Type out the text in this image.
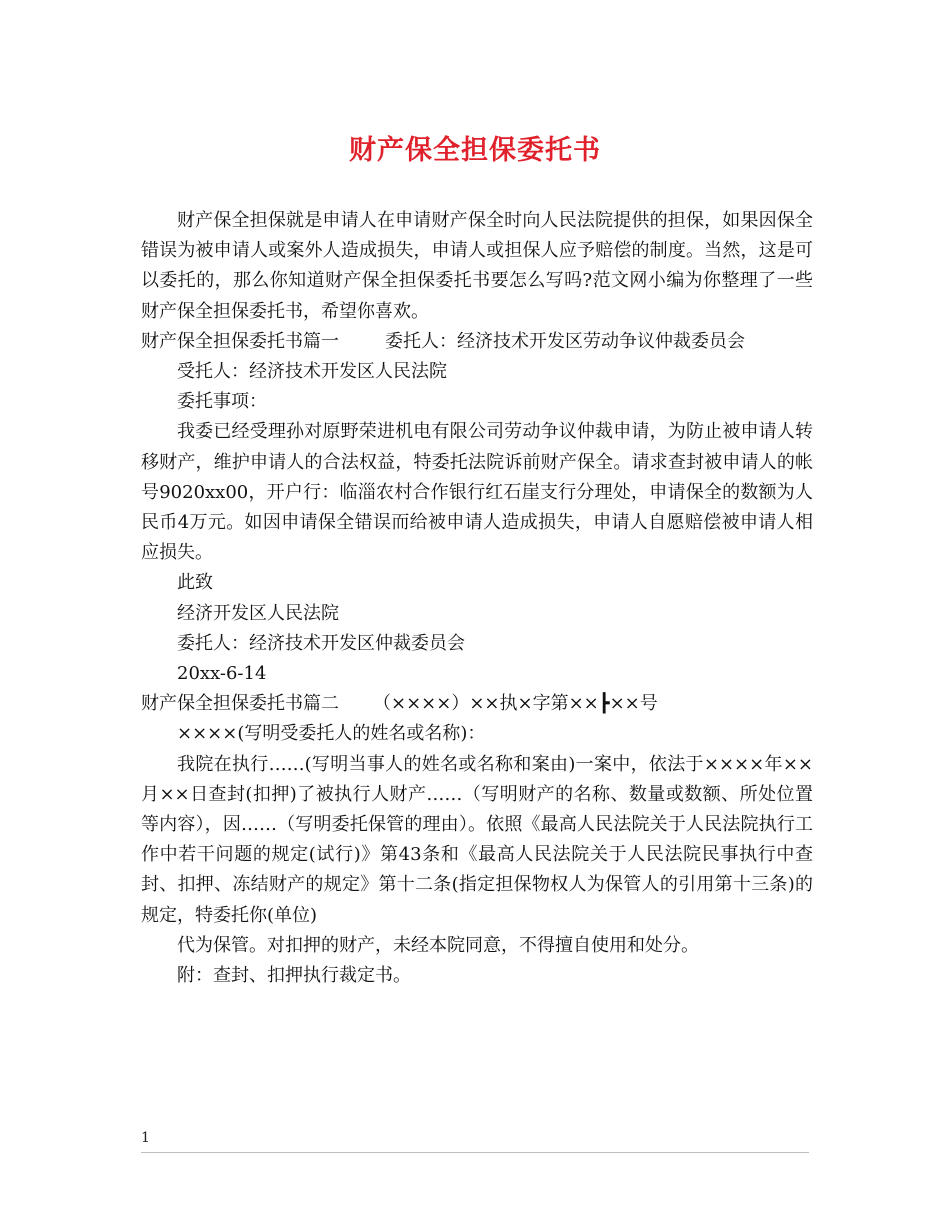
财产保全担保委托书

财产保全担保就是申请人在申请财产保全时向人民法院提供的担保，如果因保全错误为被申请人或案外人造成损失，申请人或担保人应予赔偿的制度。当然，这是可以委托的，那么你知道财产保全担保委托书要怎么写吗?范文网小编为你整理了一些财产保全担保委托书，希望你喜欢。

财产保全担保委托书篇一	委托人：经济技术开发区劳动争议仲裁委员会

受托人：经济技术开发区人民法院

委托事项：

我委已经受理孙对原野荣进机电有限公司劳动争议仲裁申请，为防止被申请人转移财产，维护申请人的合法权益，特委托法院诉前财产保全。请求查封被申请人的帐号9020xx00，开户行：临淄农村合作银行红石崖支行分理处，申请保全的数额为人民币4万元。如因申请保全错误而给被申请人造成损失，申请人自愿赔偿被申请人相应损失。

此致

经济开发区人民法院

委托人：经济技术开发区仲裁委员会

20xx-6-14

财产保全担保委托书篇二 （××××）××执×字第××┣××号

××××(写明受委托人的姓名或名称)：

我院在执行……(写明当事人的姓名或名称和案由)一案中，依法于××××年××月××日查封(扣押)了被执行人财产……（写明财产的名称、数量或数额、所处位置等内容），因……（写明委托保管的理由）。依照《最高人民法院关于人民法院执行工作中若干问题的规定(试行)》第43条和《最高人民法院关于人民法院民事执行中查封、扣押、冻结财产的规定》第十二条(指定担保物权人为保管人的引用第十三条)的规定，特委托你(单位)

代为保管。对扣押的财产，未经本院同意，不得擅自使用和处分。

附：查封、扣押执行裁定书。

1
